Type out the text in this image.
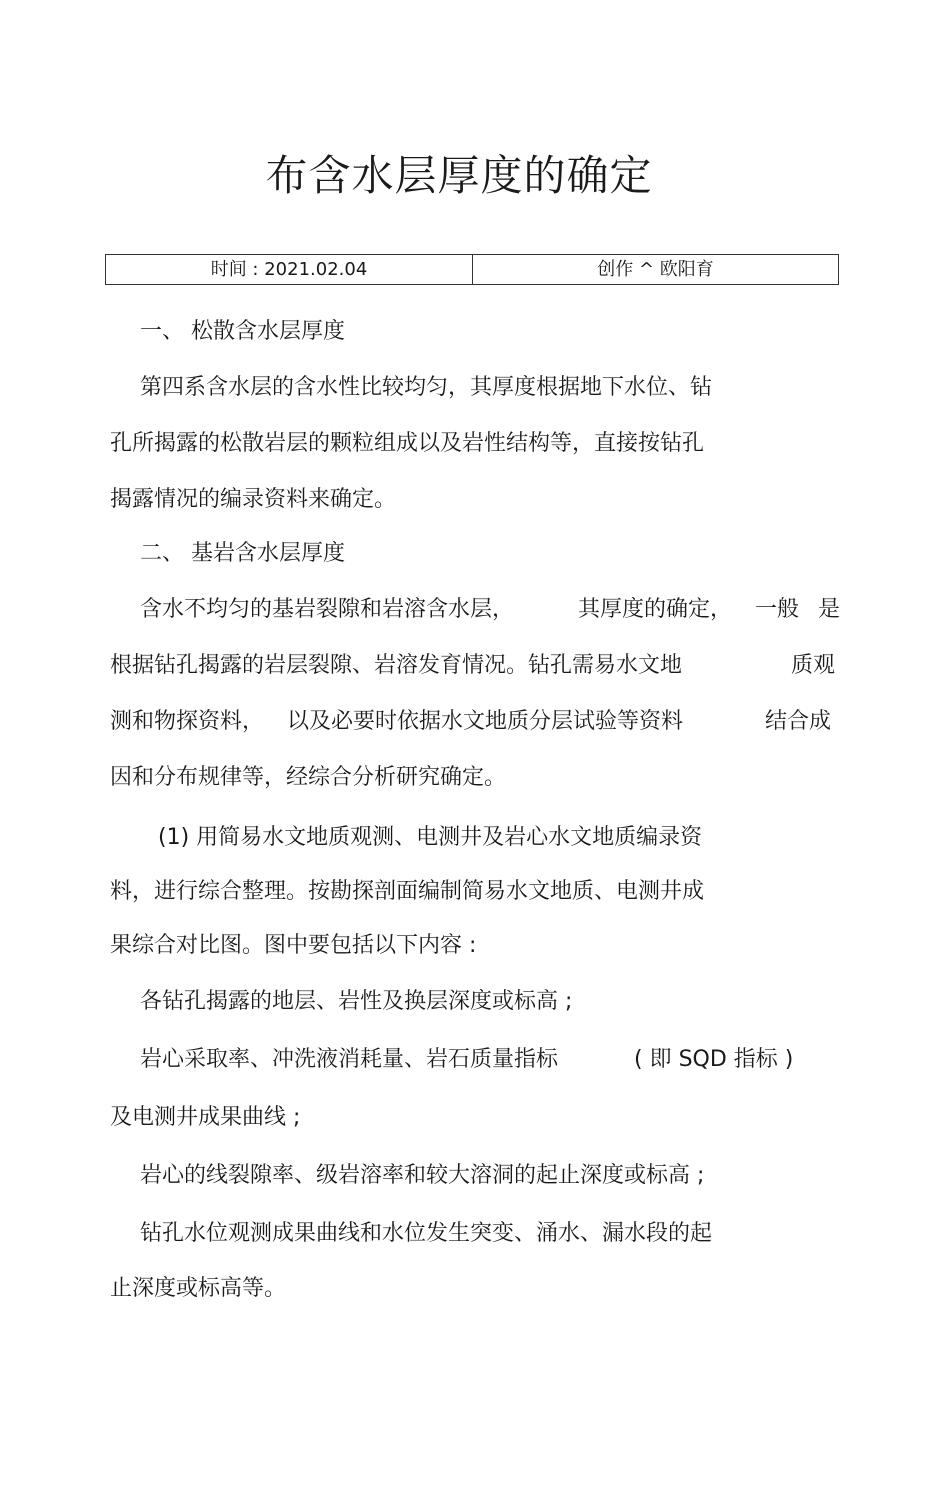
布含水层厚度的确定
时间 : 2021.02.04	创作 ^ 欧阳育
一、 松散含水层厚度
第四系含水层的含水性比较均匀，其厚度根据地下水位、钻
孔所揭露的松散岩层的颗粒组成以及岩性结构等，直接按钻孔
揭露情况的编录资料来确定。
二、 基岩含水层厚度
含水不均匀的基岩裂隙和岩溶含水层，	其厚度的确定， 一般 是
根据钻孔揭露的岩层裂隙、岩溶发育情况。钻孔需易水文地	质观
测和物探资料， 以及必要时依据水文地质分层试验等资料	结合成
因和分布规律等，经综合分析研究确定。
(1) 用简易水文地质观测、电测井及岩心水文地质编录资
料，进行综合整理。按勘探剖面编制简易水文地质、电测井成
果综合对比图。图中要包括以下内容 :
各钻孔揭露的地层、岩性及换层深度或标高 ;
岩心采取率、冲洗液消耗量、岩石质量指标	( 即 SQD 指标 )
及电测井成果曲线 ;
岩心的线裂隙率、级岩溶率和较大溶洞的起止深度或标高 ;
钻孔水位观测成果曲线和水位发生突变、涌水、漏水段的起
止深度或标高等。
